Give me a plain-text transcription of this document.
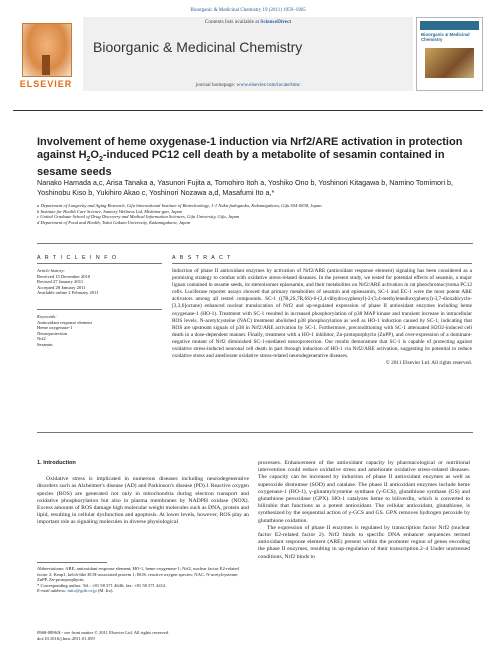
Bioorganic & Medicinal Chemistry 19 (2011) 1959–1965
ELSEVIER
Contents lists available at ScienceDirect
Bioorganic & Medicinal Chemistry
journal homepage: www.elsevier.com/locate/bmc
Bioorganic & Medicinal Chemistry
Involvement of heme oxygenase-1 induction via Nrf2/ARE activation in protection against $H_2O_2$-induced PC12 cell death by a metabolite of sesamin contained in sesame seeds
Nanako Hamada a,c, Arisa Tanaka a, Yasunori Fujita a, Tomohiro Itoh a, Yoshiko Ono b, Yoshinori Kitagawa b, Namino Tomimori b, Yoshinobu Kiso b, Yukihiro Akao c, Yoshinori Nozawa a,d, Masafumi Ito a,*
a Department of Longevity and Aging Research, Gifu International Institute of Biotechnology, 1-1 Naka-fudogaoka, Kakamigahara, Gifu 504-0838, Japan
b Institute for Health Care Science, Suntory Wellness Ltd, Mishima-gun, Japan
c United Graduate School of Drug Discovery and Medical Information Sciences, Gifu University, Gifu, Japan
d Department of Food and Health, Tokai Gakuin University, Kakamigahara, Japan
A R T I C L E I N F O	A B S T R A C T
Article history:
Received 15 December 2010
Revised 27 January 2011
Accepted 28 January 2011
Available online 2 February 2011
Keywords:
Antioxidant response element
Heme oxygenase-1
Neuroprotection
Nrf2
Sesamin

Induction of phase II antioxidant enzymes by activation of Nrf2/ARE (antioxidant response element) signaling has been considered as a promising strategy to combat with oxidative stress-related diseases. In the present study, we tested for potential effects of sesamin, a major lignan contained in sesame seeds, its stereoisomer episesamin, and their metabolites on Nrf2/ARE activation in rat pheochromocytoma PC12 cells. Luciferase reporter assays showed that primary metabolites of sesamin and episesamin, SC-1 and EC-1 were the most potent ARE activators among all tested compounds. SC-1 ((7R,2S,7R,6S)-6-(3,4-dihydroxyphenyl)-2-(3,4-methylenedioxyphenyl)-3,7-dioxabicyclo-[3,3,0]octane) enhanced nuclear translocation of Nrf2 and up-regulated expression of phase II antioxidant enzymes including heme oxygenase-1 (HO-1). Treatment with SC-1 resulted in increased phosphorylation of p38 MAP kinase and transient increase in intracellular ROS levels. N-acetylcysteine (NAC) treatment abolished p38 phosphorylation as well as HO-1 induction caused by SC-1, indicating that ROS are upstream signals of p38 in Nrf2/ARE activation by SC-1. Furthermore, preconditioning with SC-1 attenuated H2O2-induced cell death in a dose-dependent manner. Finally, treatment with a HO-1 inhibitor, Zn-protoporphyrin (ZnPP), and over-expression of a dominant-negative mutant of Nrf2 diminished SC-1-mediated neuroprotection. Our results demonstrate that SC-1 is capable of protecting against oxidative stress-induced neuronal cell death in part through induction of HO-1 via Nrf2/ARE activation, suggesting its potential to reduce oxidative stress and ameliorate oxidative stress-related neurodegenerative diseases.

© 2011 Elsevier Ltd. All rights reserved.
1. Introduction

Oxidative stress is implicated in numerous diseases including neurodegenerative disorders such as Alzheimer's disease (AD) and Parkinson's disease (PD).1 Reactive oxygen species (ROS) are generated not only in mitochondria during electron transport and oxidative phosphorylation but also in plasma membranes by NADPH oxidase (NOX). Excess amounts of ROS damage high molecular weight molecules such as DNA, protein and lipid, resulting in cellular dysfunction and apoptosis. At lower levels, however, ROS play an important role as signaling molecules in diverse physiological

processes. Enhancement of the antioxidant capacity by pharmacological or nutritional intervention could reduce oxidative stress and ameliorate oxidative stress-related diseases. The capacity can be increased by induction of phase II antioxidant enzymes as well as superoxide dismutase (SOD) and catalase. The phase II antioxidant enzymes include heme oxygenase-1 (HO-1), γ-glutamylcysteine synthase (γ-GCS), glutathione synthase (GS) and glutathione peroxidase (GPX). HO-1 catalyzes heme to biliverdin, which is converted to bilirubin that functions as a potent antioxidant. The cellular antioxidant, glutathione, is synthesized by the sequential action of γ-GCS and GS. GPX removes hydrogen peroxide by glutathione oxidation.

The expression of phase II enzymes is regulated by transcription factor Nrf2 (nuclear factor E2-related factor 2). Nrf2 binds to specific DNA enhancer sequences termed antioxidant response element (ARE) present within the promoter region of genes encoding the phase II enzymes, resulting in up-regulation of their transcription.2–4 Under unstressed conditions, Nrf2 binds to

Abbreviations: ARE, antioxidant response element; HO-1, heme oxygenase-1; Nrf2, nuclear factor E2-related factor 2; Keap1, kelch-like ECH-associated protein 1; ROS, reactive oxygen species; NAC, N-acetylcysteine; ZnPP, Zn-protoporphyrin.
* Corresponding author. Tel.: +81 58 371 4646; fax: +81 58 371 4412.
E-mail address: mito@giib.or.jp (M. Ito).
0968-0896/$ - see front matter © 2011 Elsevier Ltd. All rights reserved.
doi:10.1016/j.bmc.2011.01.059
